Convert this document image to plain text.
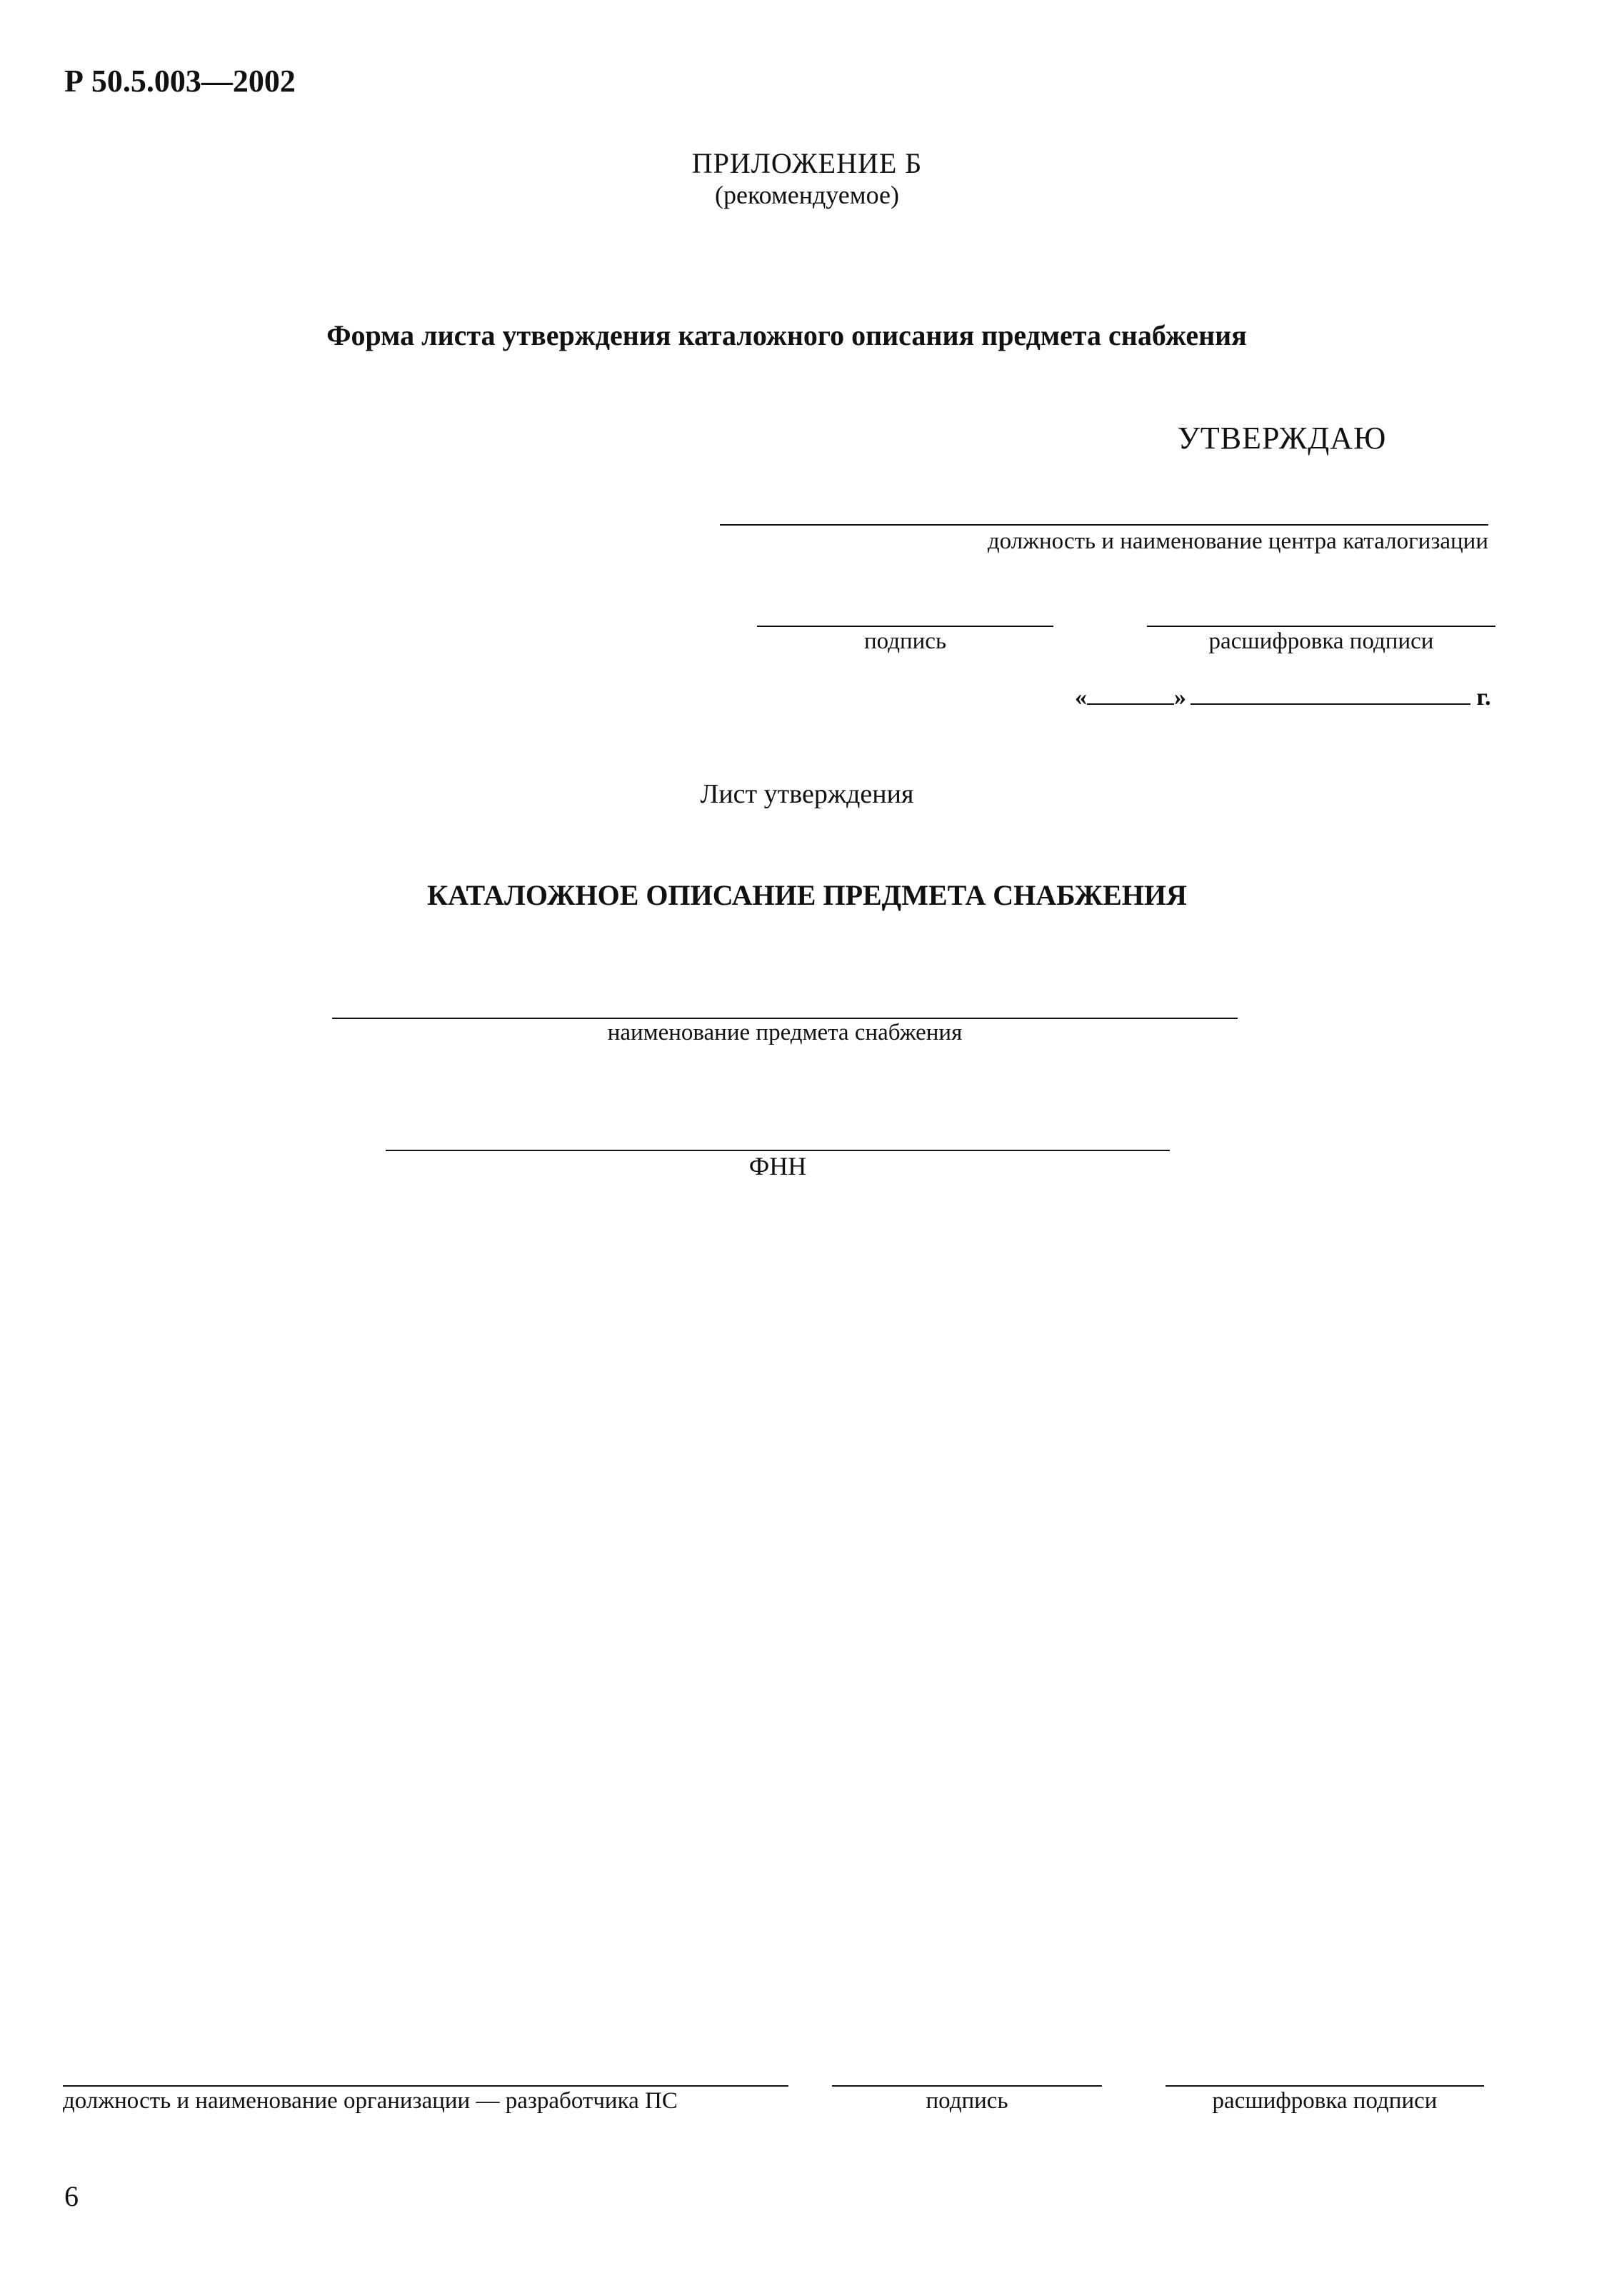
Р 50.5.003—2002
ПРИЛОЖЕНИЕ Б
(рекомендуемое)
Форма листа утверждения каталожного описания предмета снабжения
УТВЕРЖДАЮ
должность и наименование центра каталогизации
подпись	расшифровка подписи
«	»	г.
Лист утверждения
КАТАЛОЖНОЕ ОПИСАНИЕ ПРЕДМЕТА СНАБЖЕНИЯ
наименование предмета снабжения
ФНН
должность и наименование организации — разработчика ПС	подпись	расшифровка подписи
6
